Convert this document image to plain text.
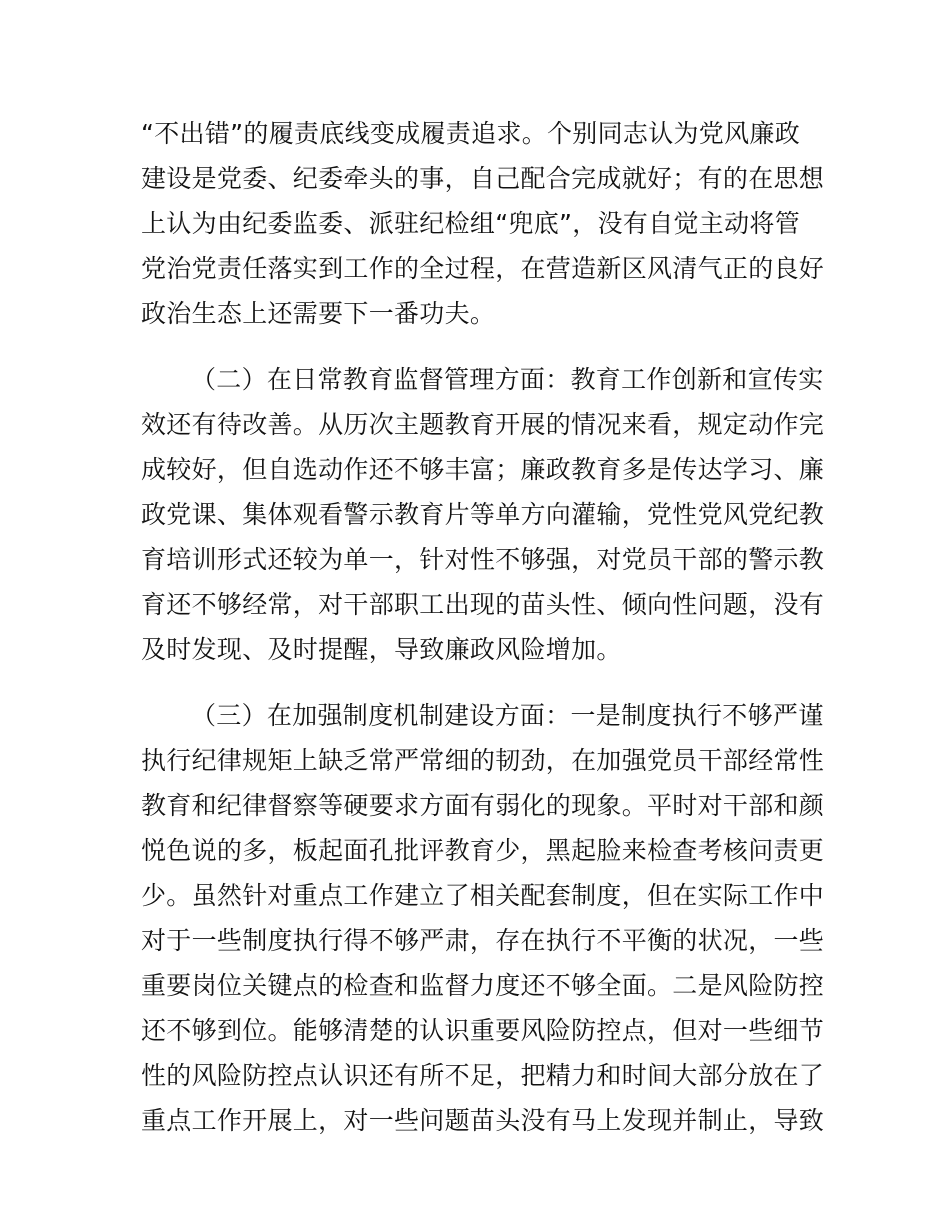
“不出错”的履责底线变成履责追求。个别同志认为党风廉政
建设是党委、纪委牵头的事，自己配合完成就好；有的在思想
上认为由纪委监委、派驻纪检组“兜底”，没有自觉主动将管
党治党责任落实到工作的全过程，在营造新区风清气正的良好
政治生态上还需要下一番功夫。
（二）在日常教育监督管理方面：教育工作创新和宣传实
效还有待改善。从历次主题教育开展的情况来看，规定动作完
成较好，但自选动作还不够丰富；廉政教育多是传达学习、廉
政党课、集体观看警示教育片等单方向灌输，党性党风党纪教
育培训形式还较为单一，针对性不够强，对党员干部的警示教
育还不够经常，对干部职工出现的苗头性、倾向性问题，没有
及时发现、及时提醒，导致廉政风险增加。
（三）在加强制度机制建设方面：一是制度执行不够严谨
执行纪律规矩上缺乏常严常细的韧劲，在加强党员干部经常性
教育和纪律督察等硬要求方面有弱化的现象。平时对干部和颜
悦色说的多，板起面孔批评教育少，黑起脸来检查考核问责更
少。虽然针对重点工作建立了相关配套制度，但在实际工作中
对于一些制度执行得不够严肃，存在执行不平衡的状况，一些
重要岗位关键点的检查和监督力度还不够全面。二是风险防控
还不够到位。能够清楚的认识重要风险防控点，但对一些细节
性的风险防控点认识还有所不足，把精力和时间大部分放在了
重点工作开展上，对一些问题苗头没有马上发现并制止，导致
